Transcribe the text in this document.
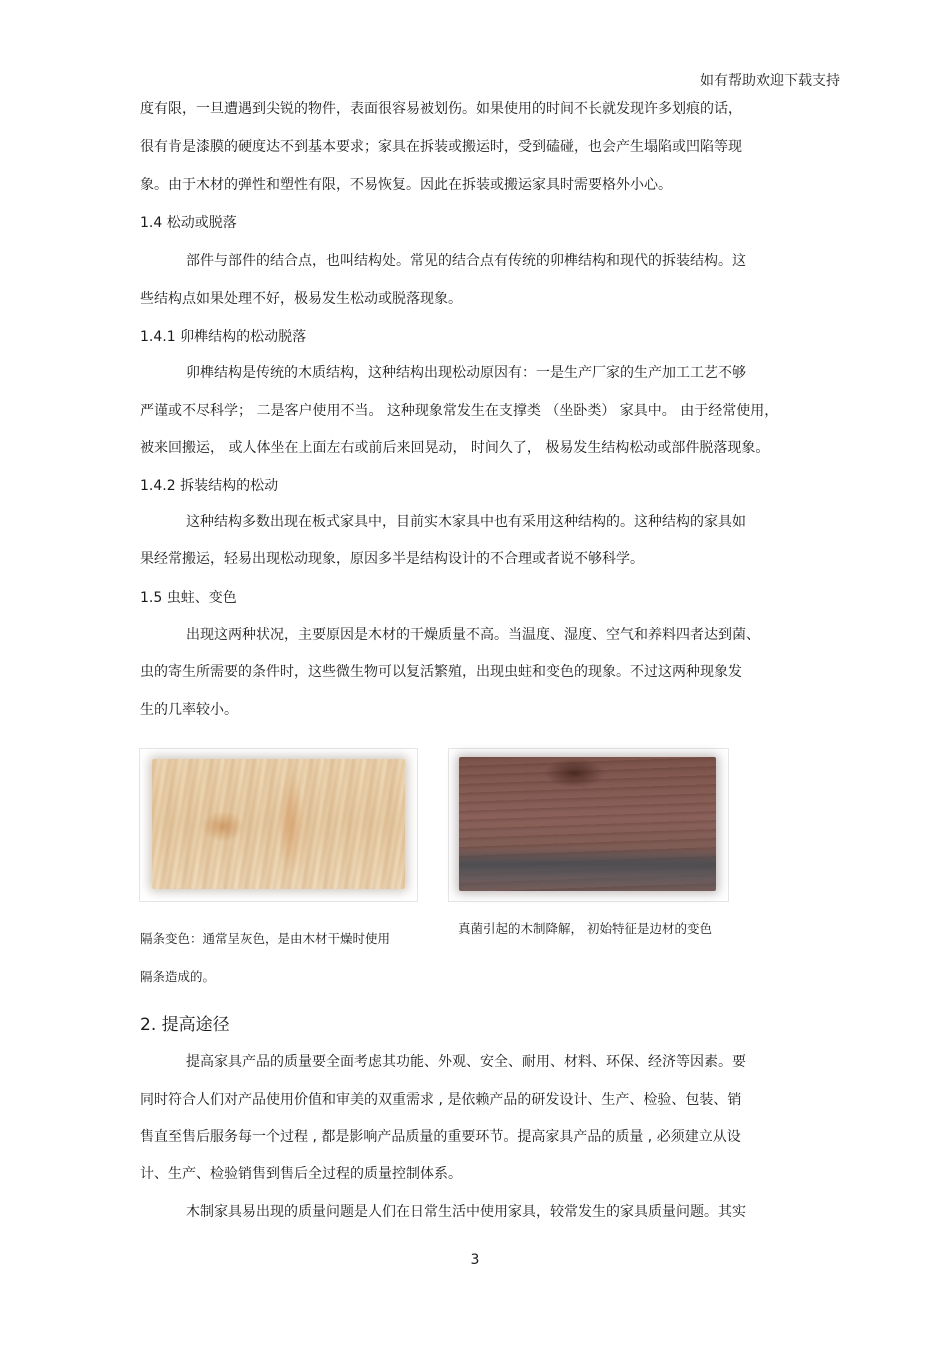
如有帮助欢迎下载支持
度有限，一旦遭遇到尖锐的物件，表面很容易被划伤。如果使用的时间不长就发现许多划痕的话，
很有肯是漆膜的硬度达不到基本要求；家具在拆装或搬运时，受到磕碰，也会产生塌陷或凹陷等现
象。由于木材的弹性和塑性有限，不易恢复。因此在拆装或搬运家具时需要格外小心。
1.4 松动或脱落
部件与部件的结合点，也叫结构处。常见的结合点有传统的卯榫结构和现代的拆装结构。这
些结构点如果处理不好，极易发生松动或脱落现象。
1.4.1 卯榫结构的松动脱落
卯榫结构是传统的木质结构，这种结构出现松动原因有：一是生产厂家的生产加工工艺不够
严谨或不尽科学； 二是客户使用不当。 这种现象常发生在支撑类 （坐卧类） 家具中。 由于经常使用，
被来回搬运， 或人体坐在上面左右或前后来回晃动， 时间久了， 极易发生结构松动或部件脱落现象。
1.4.2 拆装结构的松动
这种结构多数出现在板式家具中，目前实木家具中也有采用这种结构的。这种结构的家具如
果经常搬运，轻易出现松动现象，原因多半是结构设计的不合理或者说不够科学。
1.5 虫蛀、变色
出现这两种状况，主要原因是木材的干燥质量不高。当温度、湿度、空气和养料四者达到菌、
虫的寄生所需要的条件时，这些微生物可以复活繁殖，出现虫蛀和变色的现象。不过这两种现象发
生的几率较小。
隔条变色：通常呈灰色，是由木材干燥时使用
隔条造成的。
真菌引起的木制降解， 初始特征是边材的变色
2. 提高途径
提高家具产品的质量要全面考虑其功能、外观、安全、耐用、材料、环保、经济等因素。要
同时符合人们对产品使用价值和审美的双重需求 , 是依赖产品的研发设计、生产、检验、包装、销
售直至售后服务每一个过程 , 都是影响产品质量的重要环节。提高家具产品的质量 , 必须建立从设
计、生产、检验销售到售后全过程的质量控制体系。
木制家具易出现的质量问题是人们在日常生活中使用家具，较常发生的家具质量问题。其实
3
